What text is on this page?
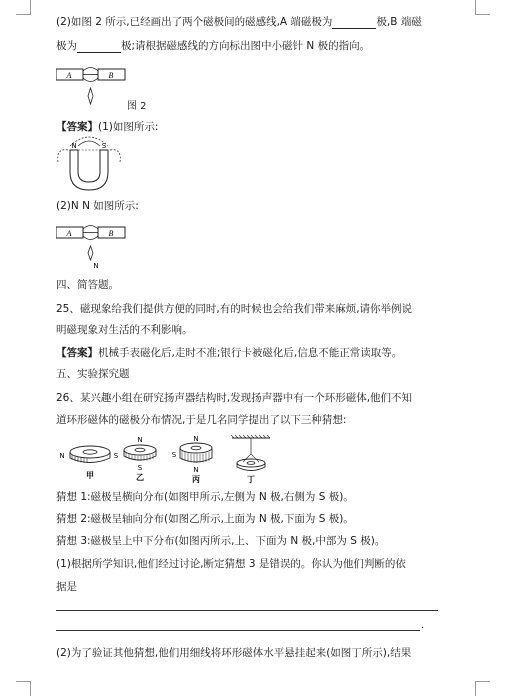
(2)如图 2 所示,已经画出了两个磁极间的磁感线,A 端磁极为	极,B 端磁
极为	极;请根据磁感线的方向标出图中小磁针 N 极的指向。
A	B
图 2
【答案】(1)如图所示:
N	S
(2)N N 如图所示:
A	B
N
四、简答题。
25、磁现象给我们提供方便的同时,有的时候也会给我们带来麻烦,请你举例说
明磁现象对生活的不利影响。
【答案】机械手表磁化后,走时不准;银行卡被磁化后,信息不能正常读取等。
五、实验探究题
26、某兴趣小组在研究扬声器结构时,发现扬声器中有一个环形磁体,他们不知
道环形磁体的磁极分布情况,于是几名同学提出了以下三种猜想:
N	S
甲
N
S
乙
N
S
N
丙	丁
猜想 1:磁极呈横向分布(如图甲所示,左侧为 N 极,右侧为 S 极)。
猜想 2:磁极呈轴向分布(如图乙所示,上面为 N 极,下面为 S 极)。
猜想 3:磁极呈上中下分布(如图丙所示,上、下面为 N 极,中部为 S 极)。
(1)根据所学知识,他们经过讨论,断定猜想 3 是错误的。你认为他们判断的依
据是
.
(2)为了验证其他猜想,他们用细线将环形磁体水平悬挂起来(如图丁所示),结果
